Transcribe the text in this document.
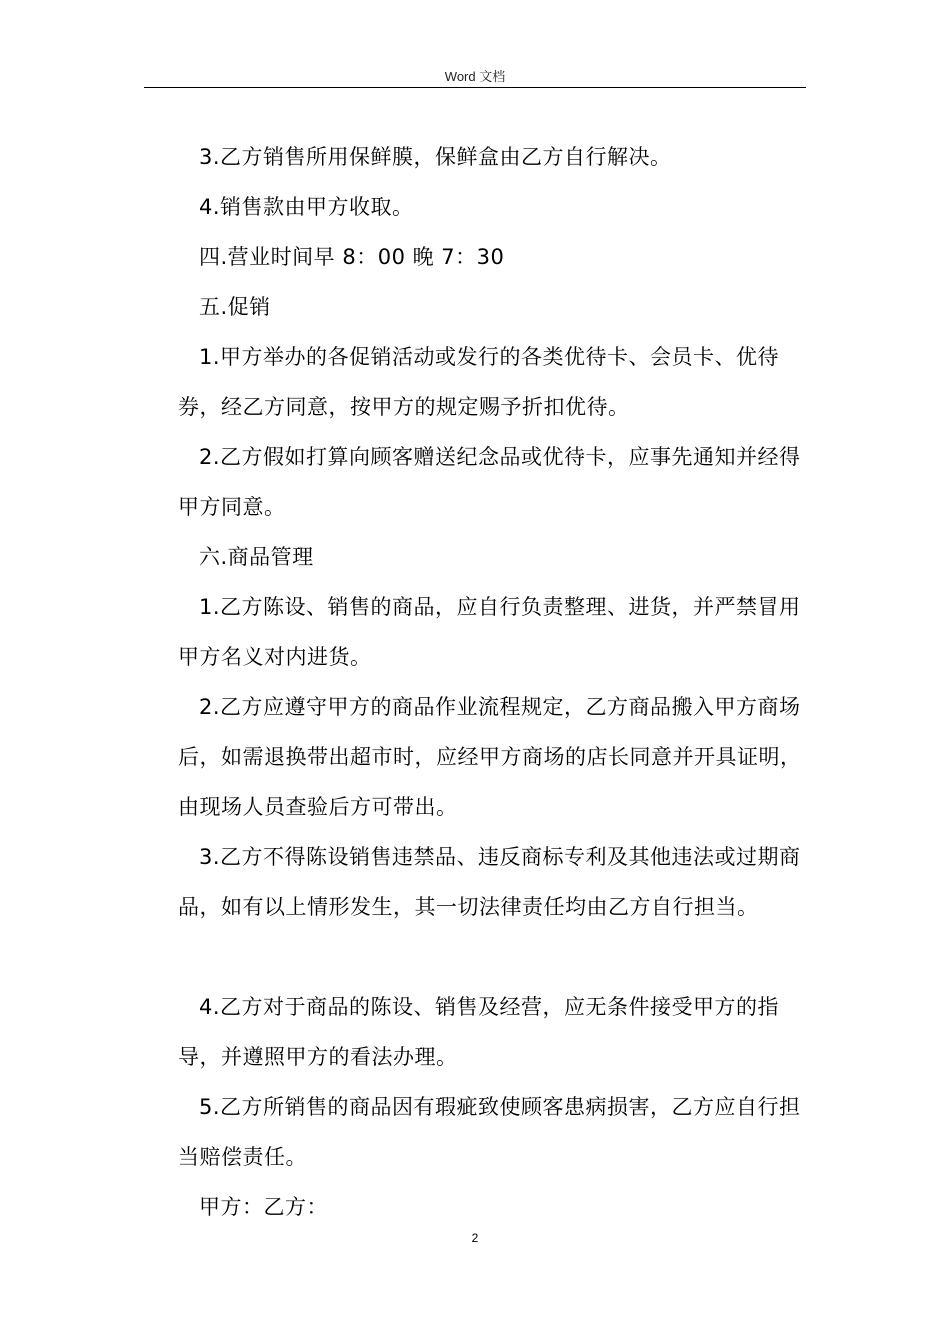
Word 文档

3.乙方销售所用保鲜膜，保鲜盒由乙方自行解决。

4.销售款由甲方收取。

四.营业时间早 8：00 晚 7：30

五.促销

1.甲方举办的各促销活动或发行的各类优待卡、会员卡、优待券，经乙方同意，按甲方的规定赐予折扣优待。

2.乙方假如打算向顾客赠送纪念品或优待卡，应事先通知并经得甲方同意。

六.商品管理

1.乙方陈设、销售的商品，应自行负责整理、进货，并严禁冒用甲方名义对内进货。

2.乙方应遵守甲方的商品作业流程规定，乙方商品搬入甲方商场后，如需退换带出超市时，应经甲方商场的店长同意并开具证明，由现场人员查验后方可带出。

3.乙方不得陈设销售违禁品、违反商标专利及其他违法或过期商品，如有以上情形发生，其一切法律责任均由乙方自行担当。

4.乙方对于商品的陈设、销售及经营，应无条件接受甲方的指导，并遵照甲方的看法办理。

5.乙方所销售的商品因有瑕疵致使顾客患病损害，乙方应自行担当赔偿责任。

甲方：乙方：

2
